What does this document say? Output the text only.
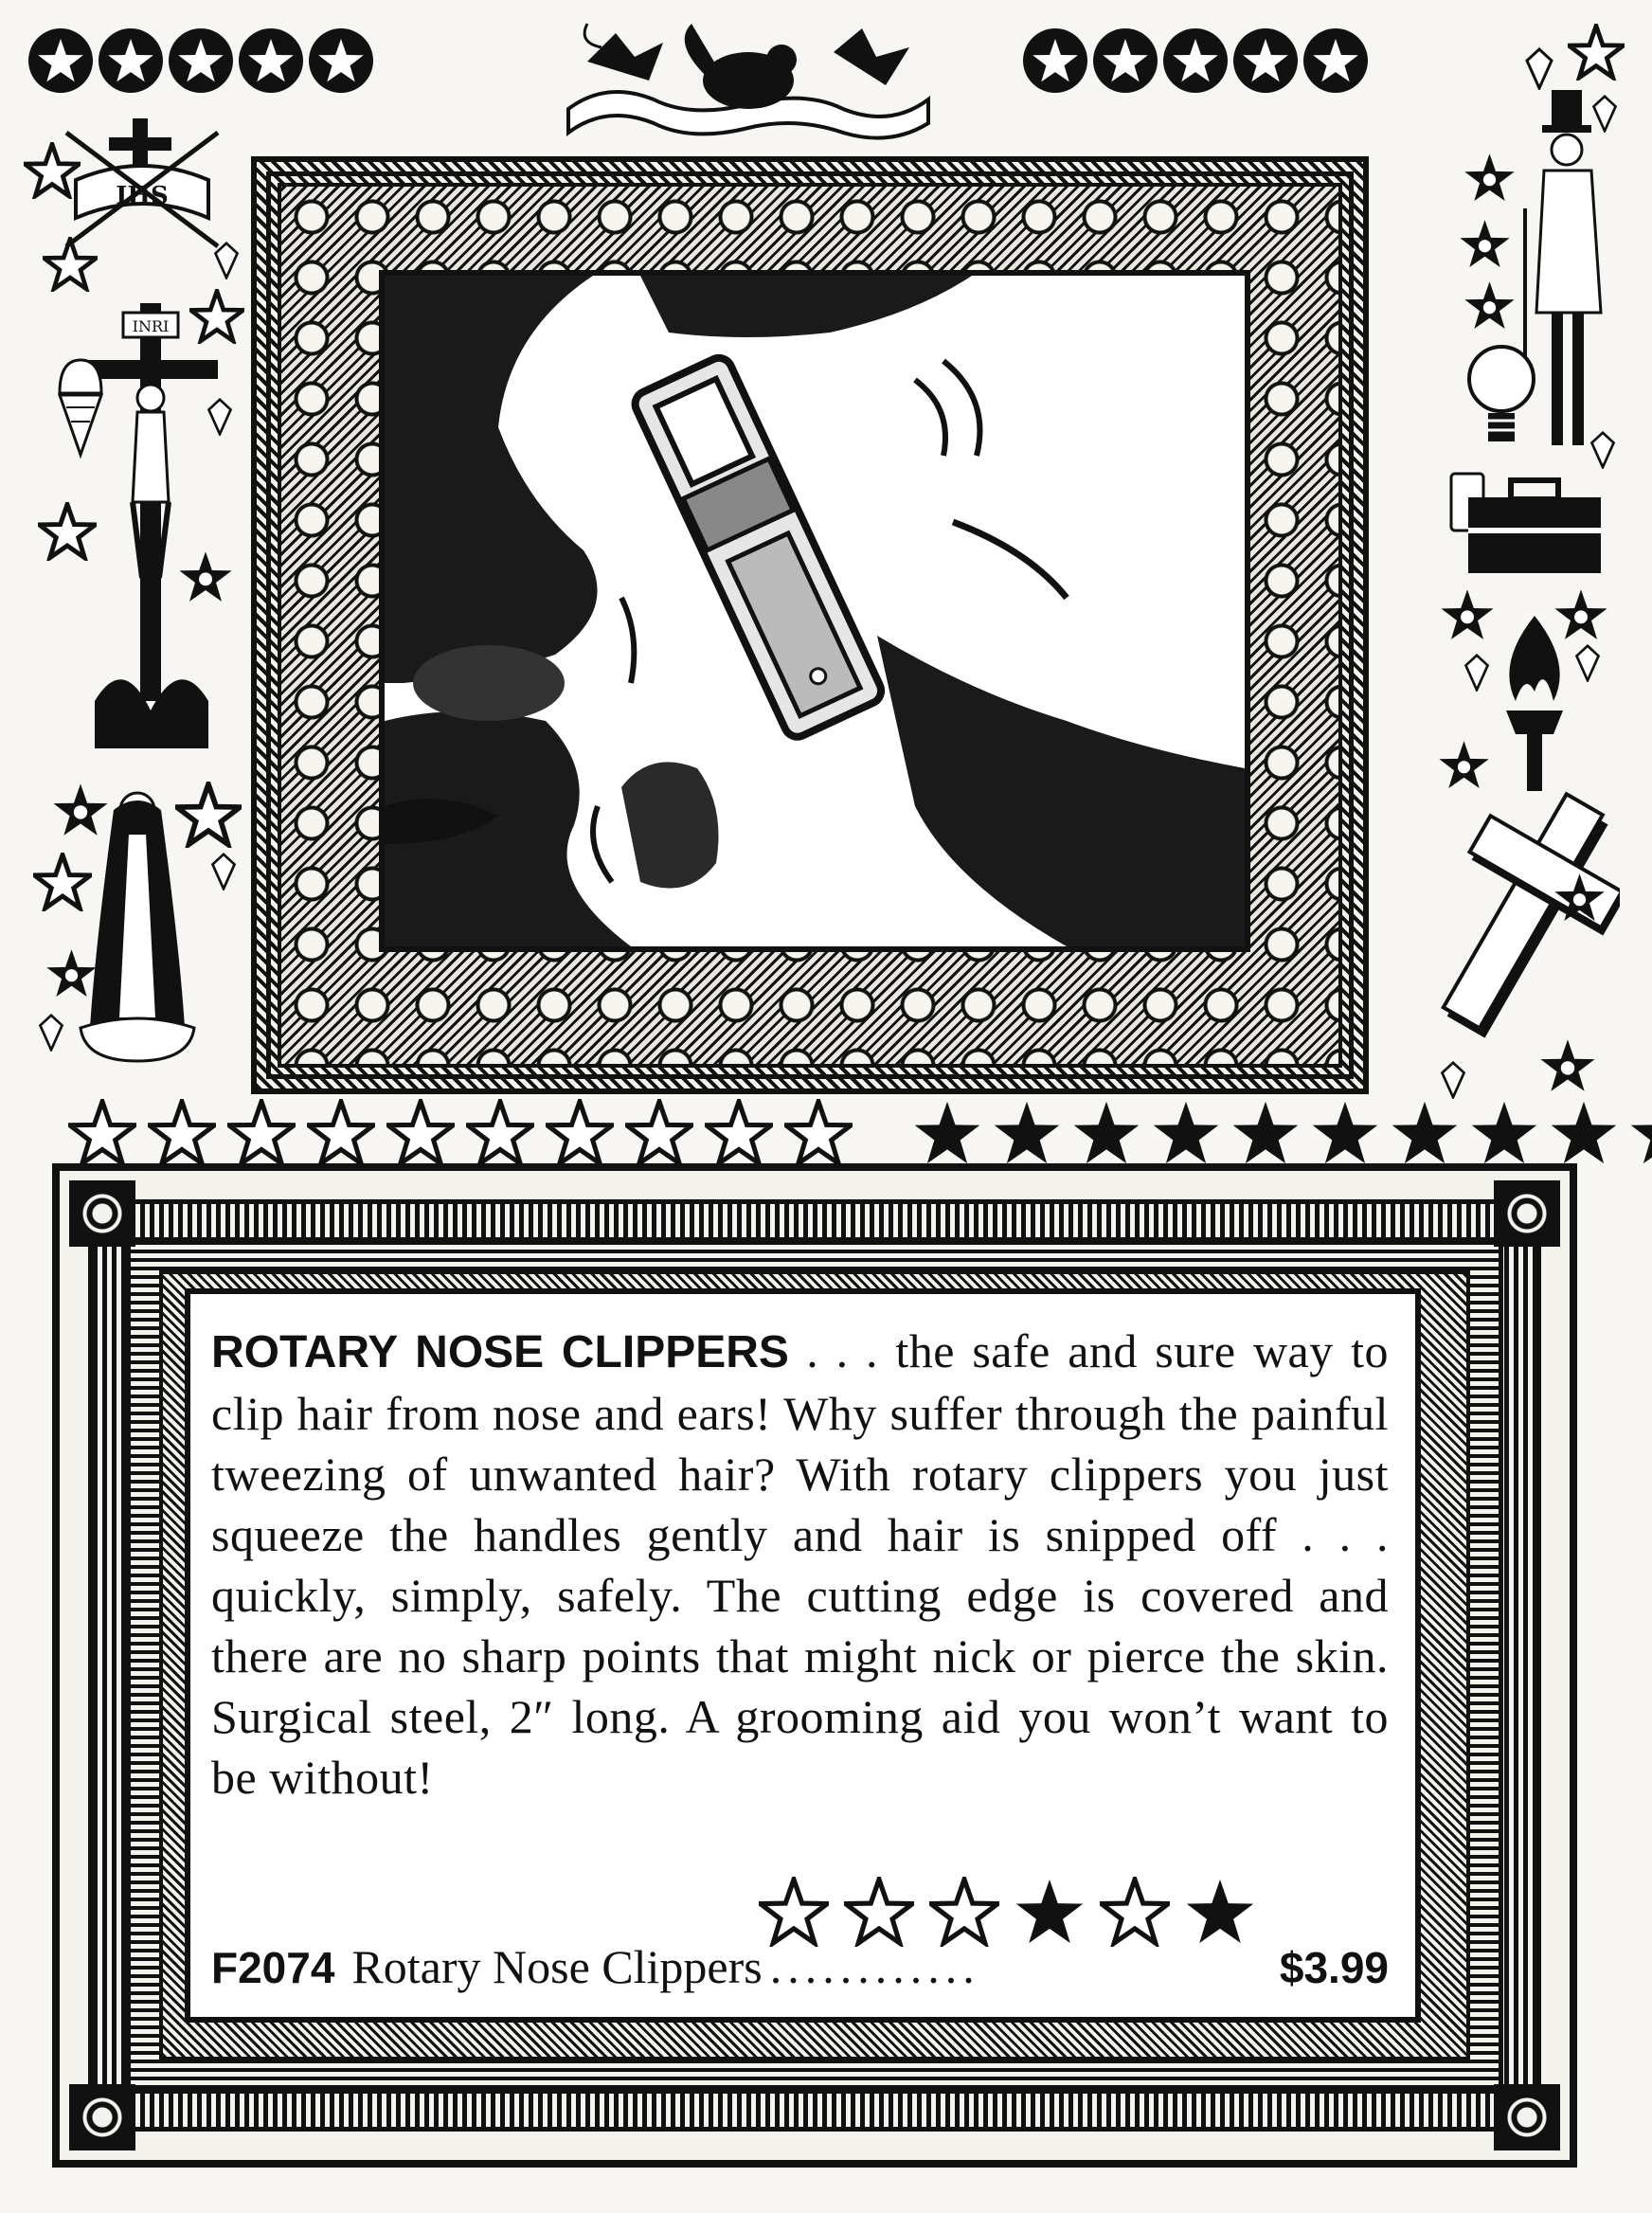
IHS
INRI

ROTARY NOSE CLIPPERS . . . the safe and sure way to clip hair from nose and ears! Why suffer through the painful tweezing of unwanted hair? With rotary clippers you just squeeze the handles gently and hair is snipped off . . . quickly, simply, safely. The cutting edge is covered and there are no sharp points that might nick or pierce the skin. Surgical steel, 2″ long. A grooming aid you won’t want to be without!

F2074 Rotary Nose Clippers ............	$3.99
